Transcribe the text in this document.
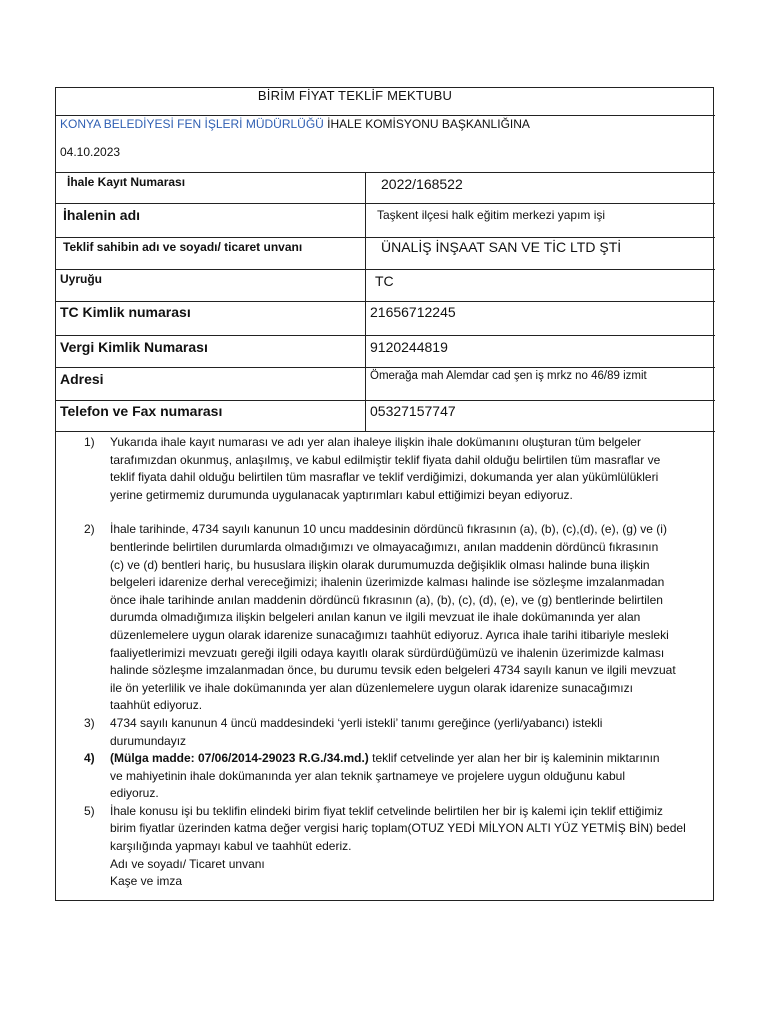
BİRİM FİYAT TEKLİF MEKTUBU
KONYA BELEDİYESİ FEN İŞLERİ MÜDÜRLÜĞÜ İHALE KOMİSYONU BAŞKANLIĞINA
04.10.2023
İhale Kayıt Numarası	2022/168522
İhalenin adı	Taşkent ilçesi halk eğitim merkezi yapım işi
Teklif sahibin adı ve soyadı/ ticaret unvanı	ÜNALİŞ İNŞAAT SAN VE TİC LTD ŞTİ
Uyruğu	TC
TC Kimlik numarası	21656712245
Vergi Kimlik Numarası	9120244819
Adresi	Ömerağa mah Alemdar cad şen iş mrkz no 46/89 izmit
Telefon ve Fax numarası	05327157747
1)	Yukarıda ihale kayıt numarası ve adı yer alan ihaleye ilişkin ihale dokümanını oluşturan tüm belgeler
tarafımızdan okunmuş, anlaşılmış, ve kabul edilmiştir teklif fiyata dahil olduğu belirtilen tüm masraflar ve
teklif fiyata dahil olduğu belirtilen tüm masraflar ve teklif verdiğimizi, dokumanda yer alan yükümlülükleri
yerine getirmemiz durumunda uygulanacak yaptırımları kabul ettiğimizi beyan ediyoruz.
2)	İhale tarihinde, 4734 sayılı kanunun 10 uncu maddesinin dördüncü fıkrasının (a), (b), (c),(d), (e), (g) ve (i)
bentlerinde belirtilen durumlarda olmadığımızı ve olmayacağımızı, anılan maddenin dördüncü fıkrasının
(c) ve (d) bentleri hariç, bu hususlara ilişkin olarak durumumuzda değişiklik olması halinde buna ilişkin
belgeleri idarenize derhal vereceğimizi; ihalenin üzerimizde kalması halinde ise sözleşme imzalanmadan
önce ihale tarihinde anılan maddenin dördüncü fıkrasının (a), (b), (c), (d), (e), ve (g) bentlerinde belirtilen
durumda olmadığımıza ilişkin belgeleri anılan kanun ve ilgili mevzuat ile ihale dokümanında yer alan
düzenlemelere uygun olarak idarenize sunacağımızı taahhüt ediyoruz. Ayrıca ihale tarihi itibariyle mesleki
faaliyetlerimizi mevzuatı gereği ilgili odaya kayıtlı olarak sürdürdüğümüzü ve ihalenin üzerimizde kalması
halinde sözleşme imzalanmadan önce, bu durumu tevsik eden belgeleri 4734 sayılı kanun ve ilgili mevzuat
ile ön yeterlilik ve ihale dokümanında yer alan düzenlemelere uygun olarak idarenize sunacağımızı
taahhüt ediyoruz.
3)	4734 sayılı kanunun 4 üncü maddesindeki ‘yerli istekli’ tanımı gereğince (yerli/yabancı) istekli
durumundayız
4)	(Mülga madde: 07/06/2014-29023 R.G./34.md.) teklif cetvelinde yer alan her bir iş kaleminin miktarının
ve mahiyetinin ihale dokümanında yer alan teknik şartnameye ve projelere uygun olduğunu kabul
ediyoruz.
5)	İhale konusu işi bu teklifin elindeki birim fiyat teklif cetvelinde belirtilen her bir iş kalemi için teklif ettiğimiz
birim fiyatlar üzerinden katma değer vergisi hariç toplam(OTUZ YEDİ MİLYON ALTI YÜZ YETMİŞ BİN) bedel
karşılığında yapmayı kabul ve taahhüt ederiz.
Adı ve soyadı/ Ticaret unvanı
Kaşe ve imza
